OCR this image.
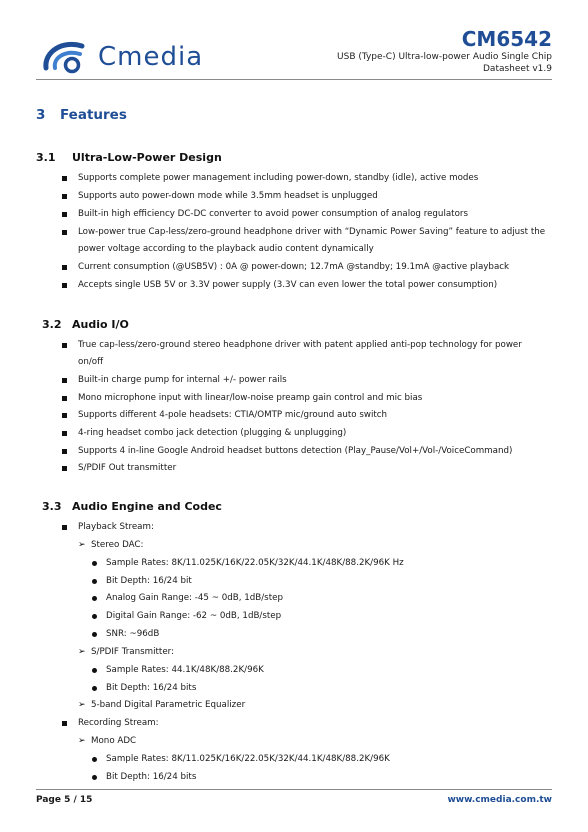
Cmedia
CM6542
USB (Type-C) Ultra-low-power Audio Single Chip
Datasheet v1.9
3 Features
3.1 Ultra-Low-Power Design
Supports complete power management including power-down, standby (idle), active modes
Supports auto power-down mode while 3.5mm headset is unplugged
Built-in high efficiency DC-DC converter to avoid power consumption of analog regulators
Low-power true Cap-less/zero-ground headphone driver with “Dynamic Power Saving” feature to adjust the
power voltage according to the playback audio content dynamically
Current consumption (@USB5V) : 0A @ power-down; 12.7mA @standby; 19.1mA @active playback
Accepts single USB 5V or 3.3V power supply (3.3V can even lower the total power consumption)
3.2 Audio I/O
True cap-less/zero-ground stereo headphone driver with patent applied anti-pop technology for power
on/off
Built-in charge pump for internal +/- power rails
Mono microphone input with linear/low-noise preamp gain control and mic bias
Supports different 4-pole headsets: CTIA/OMTP mic/ground auto switch
4-ring headset combo jack detection (plugging & unplugging)
Supports 4 in-line Google Android headset buttons detection (Play_Pause/Vol+/Vol-/VoiceCommand)
S/PDIF Out transmitter
3.3 Audio Engine and Codec
Playback Stream:
➢ Stereo DAC:
Sample Rates: 8K/11.025K/16K/22.05K/32K/44.1K/48K/88.2K/96K Hz
Bit Depth: 16/24 bit
Analog Gain Range: -45 ~ 0dB, 1dB/step
Digital Gain Range: -62 ~ 0dB, 1dB/step
SNR: ~96dB
➢ S/PDIF Transmitter:
Sample Rates: 44.1K/48K/88.2K/96K
Bit Depth: 16/24 bits
➢ 5-band Digital Parametric Equalizer
Recording Stream:
➢ Mono ADC
Sample Rates: 8K/11.025K/16K/22.05K/32K/44.1K/48K/88.2K/96K
Bit Depth: 16/24 bits
Page 5 / 15	www.cmedia.com.tw
